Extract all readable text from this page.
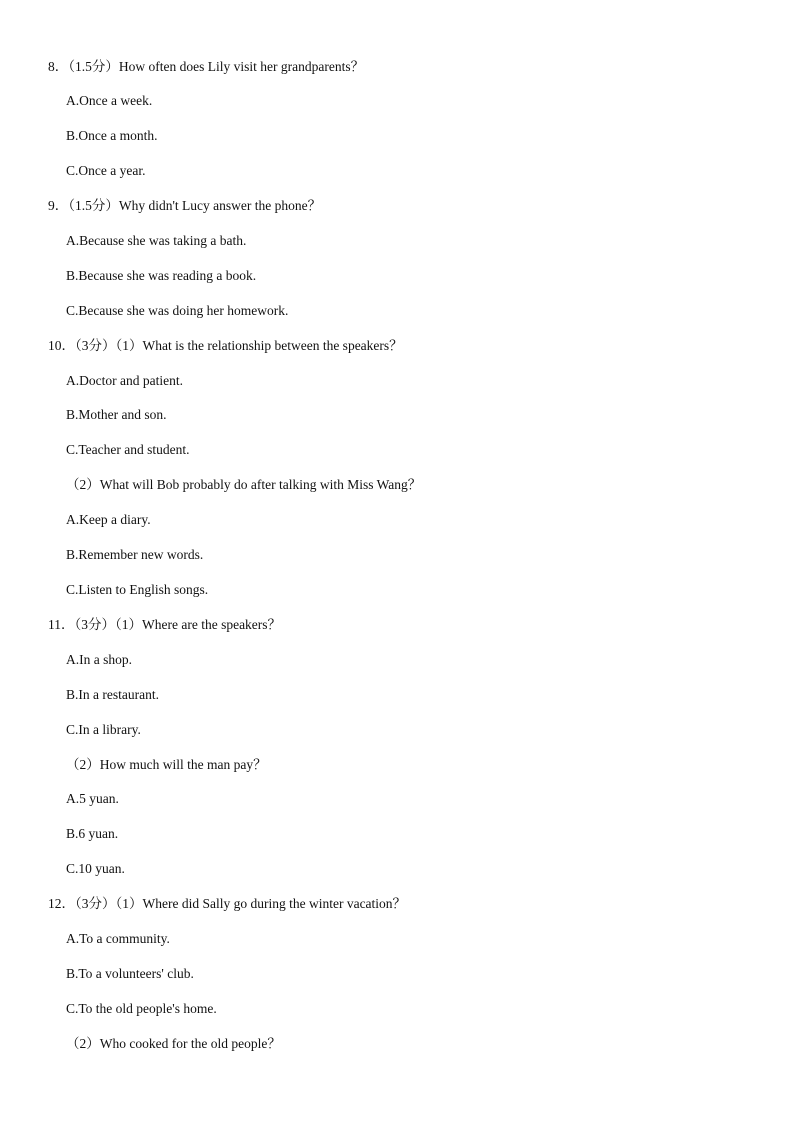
8．（1.5分）How often does Lily visit her grandparents？
A.Once a week.
B.Once a month.
C.Once a year.
9．（1.5分）Why didn't Lucy answer the phone？
A.Because she was taking a bath.
B.Because she was reading a book.
C.Because she was doing her homework.
10．（3分）（1）What is the relationship between the speakers？
A.Doctor and patient.
B.Mother and son.
C.Teacher and student.
（2）What will Bob probably do after talking with Miss Wang？
A.Keep a diary.
B.Remember new words.
C.Listen to English songs.
11．（3分）（1）Where are the speakers？
A.In a shop.
B.In a restaurant.
C.In a library.
（2）How much will the man pay？
A.5 yuan.
B.6 yuan.
C.10 yuan.
12．（3分）（1）Where did Sally go during the winter vacation？
A.To a community.
B.To a volunteers' club.
C.To the old people's home.
（2）Who cooked for the old people？
